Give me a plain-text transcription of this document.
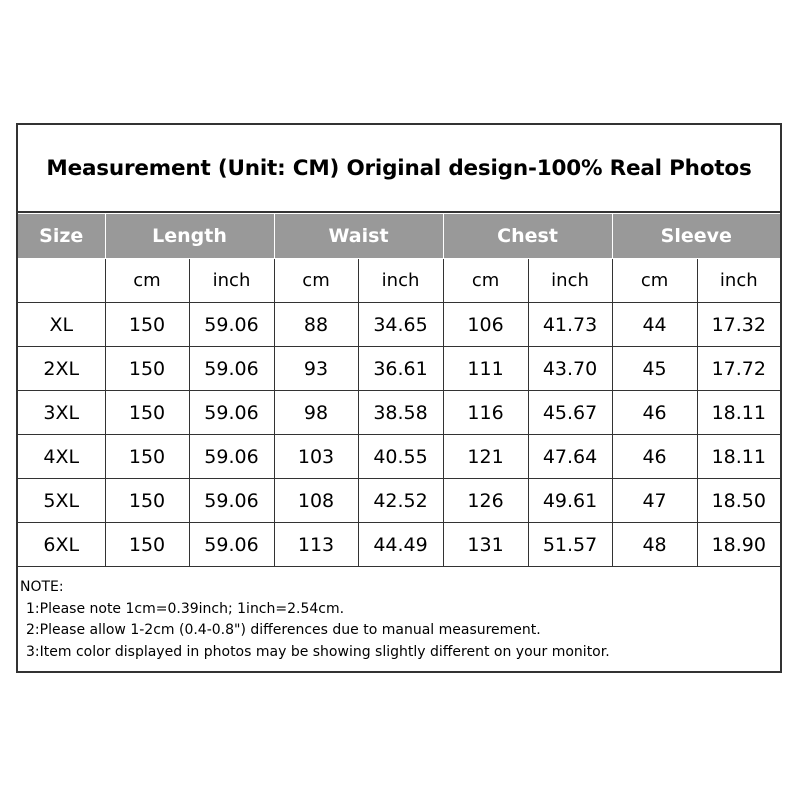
Measurement (Unit: CM) Original design-100% Real Photos
Size	Length		Waist		Chest		Sleeve	
	cm	inch	cm	inch	cm	inch	cm	inch
XL	150	59.06	88	34.65	106	41.73	44	17.32
2XL	150	59.06	93	36.61	111	43.70	45	17.72
3XL	150	59.06	98	38.58	116	45.67	46	18.11
4XL	150	59.06	103	40.55	121	47.64	46	18.11
5XL	150	59.06	108	42.52	126	49.61	47	18.50
6XL	150	59.06	113	44.49	131	51.57	48	18.90
NOTE:
1:Please note 1cm=0.39inch; 1inch=2.54cm.
2:Please allow 1-2cm (0.4-0.8") differences due to manual measurement.
3:Item color displayed in photos may be showing slightly different on your monitor.
